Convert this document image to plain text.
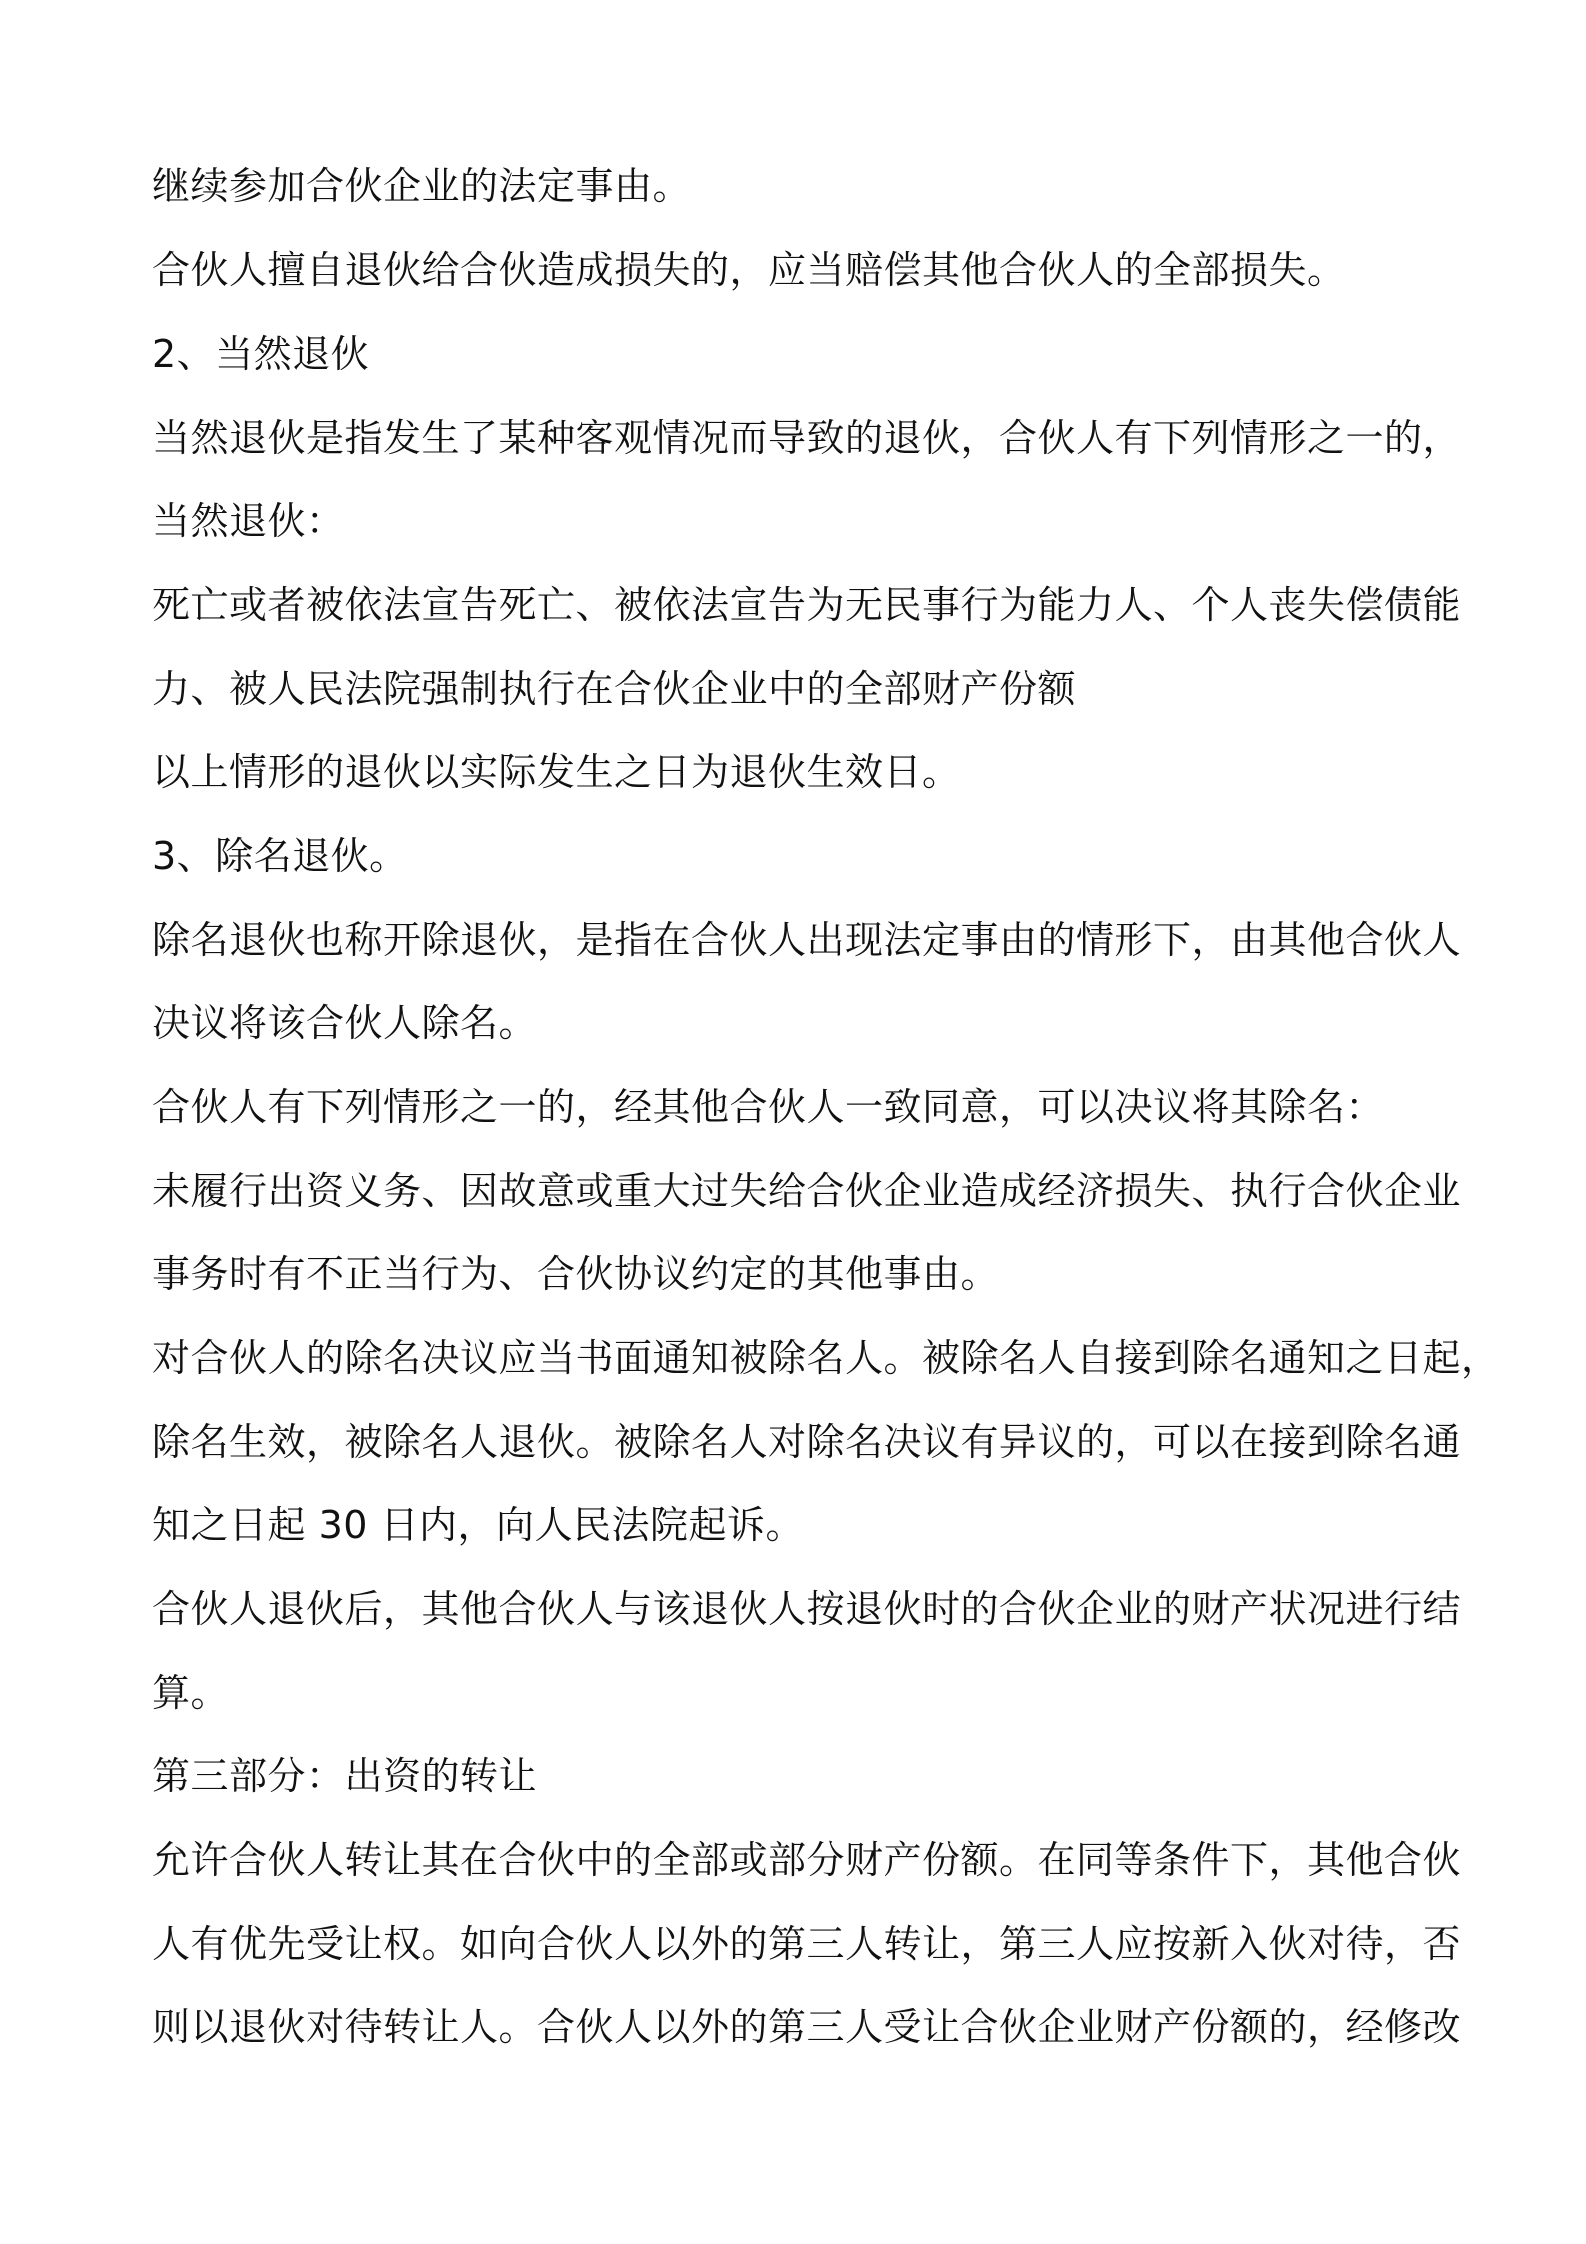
继续参加合伙企业的法定事由。

合伙人擅自退伙给合伙造成损失的，应当赔偿其他合伙人的全部损失。

2、当然退伙

当然退伙是指发生了某种客观情况而导致的退伙，合伙人有下列情形之一的，

当然退伙：

死亡或者被依法宣告死亡、被依法宣告为无民事行为能力人、个人丧失偿债能

力、被人民法院强制执行在合伙企业中的全部财产份额

以上情形的退伙以实际发生之日为退伙生效日。

3、除名退伙。

除名退伙也称开除退伙，是指在合伙人出现法定事由的情形下，由其他合伙人

决议将该合伙人除名。

合伙人有下列情形之一的，经其他合伙人一致同意，可以决议将其除名：

未履行出资义务、因故意或重大过失给合伙企业造成经济损失、执行合伙企业

事务时有不正当行为、合伙协议约定的其他事由。

对合伙人的除名决议应当书面通知被除名人。被除名人自接到除名通知之日起，

除名生效，被除名人退伙。被除名人对除名决议有异议的，可以在接到除名通

知之日起 30 日内，向人民法院起诉。

合伙人退伙后，其他合伙人与该退伙人按退伙时的合伙企业的财产状况进行结

算。

第三部分：出资的转让

允许合伙人转让其在合伙中的全部或部分财产份额。在同等条件下，其他合伙

人有优先受让权。如向合伙人以外的第三人转让，第三人应按新入伙对待，否

则以退伙对待转让人。合伙人以外的第三人受让合伙企业财产份额的，经修改
